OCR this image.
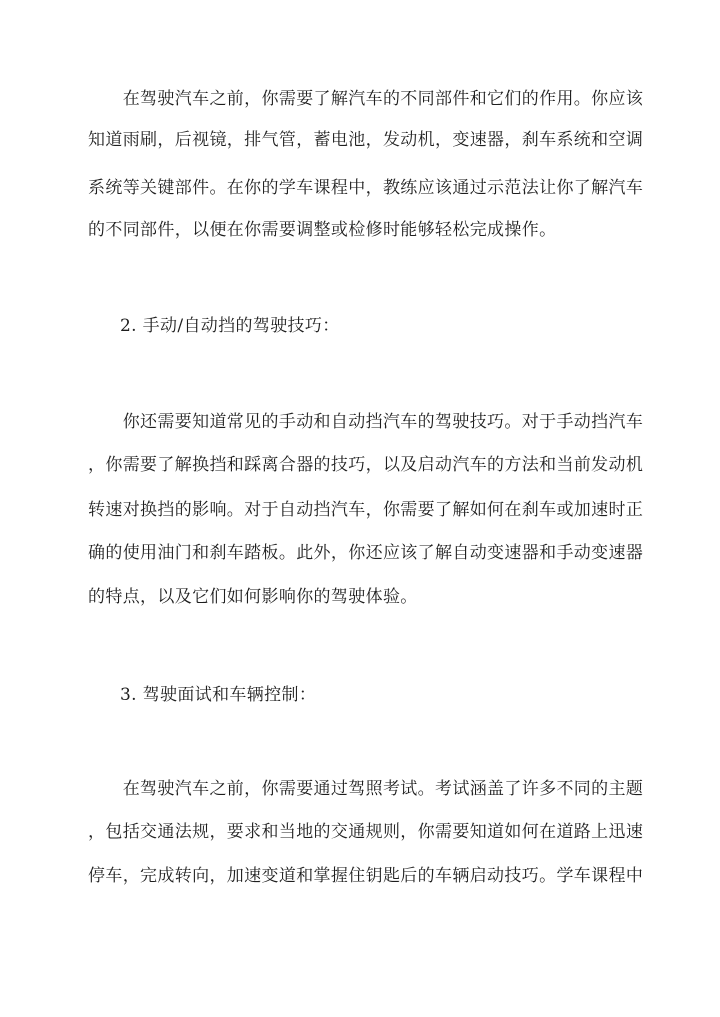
　　在驾驶汽车之前，你需要了解汽车的不同部件和它们的作用。你应该
知道雨刷，后视镜，排气管，蓄电池，发动机，变速器，刹车系统和空调
系统等关键部件。在你的学车课程中，教练应该通过示范法让你了解汽车
的不同部件，以便在你需要调整或检修时能够轻松完成操作。
2. 手动/自动挡的驾驶技巧：
　　你还需要知道常见的手动和自动挡汽车的驾驶技巧。对于手动挡汽车
，你需要了解换挡和踩离合器的技巧，以及启动汽车的方法和当前发动机
转速对换挡的影响。对于自动挡汽车，你需要了解如何在刹车或加速时正
确的使用油门和刹车踏板。此外，你还应该了解自动变速器和手动变速器
的特点，以及它们如何影响你的驾驶体验。
3. 驾驶面试和车辆控制：
　　在驾驶汽车之前，你需要通过驾照考试。考试涵盖了许多不同的主题
，包括交通法规，要求和当地的交通规则，你需要知道如何在道路上迅速
停车，完成转向，加速变道和掌握住钥匙后的车辆启动技巧。学车课程中
